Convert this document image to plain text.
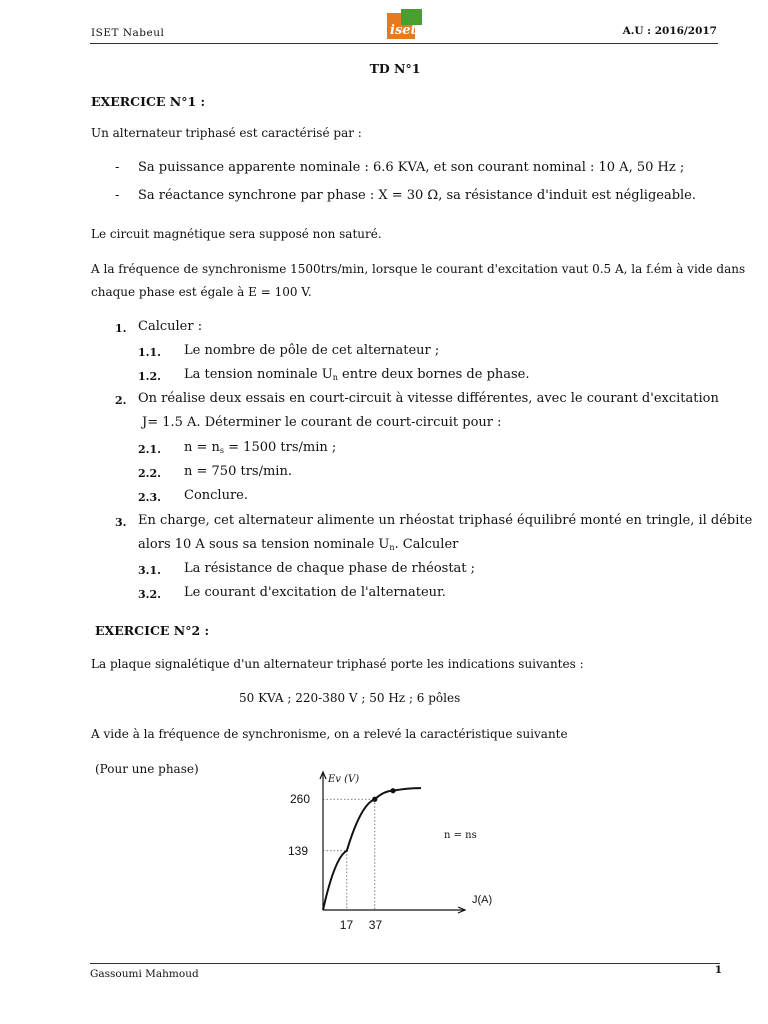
ISET Nabeul	iset	A.U : 2016/2017
TD N°1
EXERCICE N°1 :
Un alternateur triphasé est caractérisé par :
- Sa puissance apparente nominale : 6.6 KVA, et son courant nominal : 10 A, 50 Hz ;
- Sa réactance synchrone par phase : X = 30 Ω, sa résistance d'induit est négligeable.
Le circuit magnétique sera supposé non saturé.
A la fréquence de synchronisme 1500trs/min, lorsque le courant d'excitation vaut 0.5 A, la f.ém à vide dans
chaque phase est égale à E = 100 V.
1. Calculer :
1.1. Le nombre de pôle de cet alternateur ;
1.2. La tension nominale $U_n$ entre deux bornes de phase.
2. On réalise deux essais en court-circuit à vitesse différentes, avec le courant d'excitation
J= 1.5 A. Déterminer le courant de court-circuit pour :
2.1. $n = n_s = 1500$ trs/min ;
2.2. n = 750 trs/min.
2.3. Conclure.
3. En charge, cet alternateur alimente un rhéostat triphasé équilibré monté en tringle, il débite
alors 10 A sous sa tension nominale $U_n$. Calculer
3.1. La résistance de chaque phase de rhéostat ;
3.2. Le courant d'excitation de l'alternateur.
EXERCICE N°2 :
La plaque signalétique d'un alternateur triphasé porte les indications suivantes :
50 KVA ; 220-380 V ; 50 Hz ; 6 pôles
A vide à la fréquence de synchronisme, on a relevé la caractéristique suivante
(Pour une phase)
260
139
17 37
Ev (V)
J(A)
n = ns
Gassoumi Mahmoud	1
